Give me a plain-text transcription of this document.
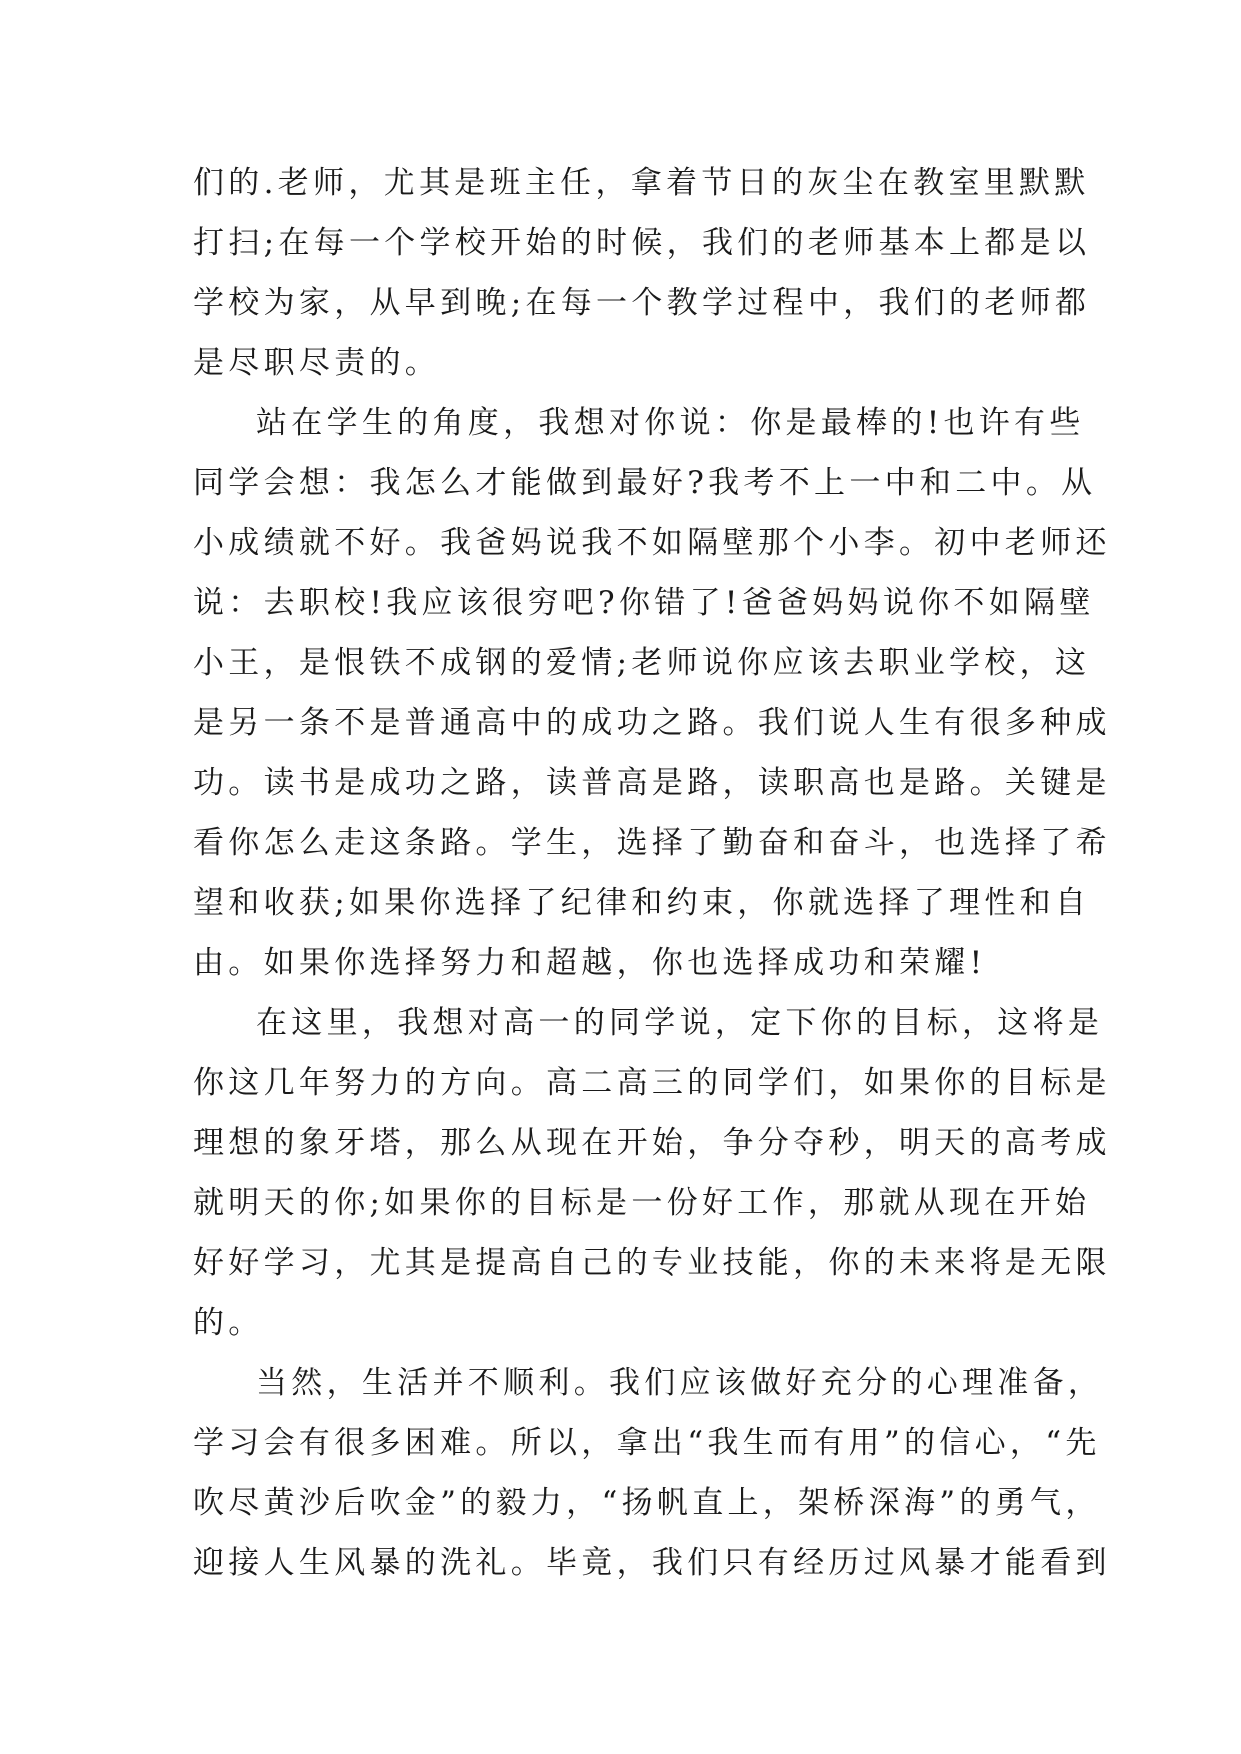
们的.老师，尤其是班主任，拿着节日的灰尘在教室里默默
打扫;在每一个学校开始的时候，我们的老师基本上都是以
学校为家，从早到晚;在每一个教学过程中，我们的老师都
是尽职尽责的。
站在学生的角度，我想对你说：你是最棒的!也许有些
同学会想：我怎么才能做到最好?我考不上一中和二中。从
小成绩就不好。我爸妈说我不如隔壁那个小李。初中老师还
说：去职校!我应该很穷吧?你错了!爸爸妈妈说你不如隔壁
小王，是恨铁不成钢的爱情;老师说你应该去职业学校，这
是另一条不是普通高中的成功之路。我们说人生有很多种成
功。读书是成功之路，读普高是路，读职高也是路。关键是
看你怎么走这条路。学生，选择了勤奋和奋斗，也选择了希
望和收获;如果你选择了纪律和约束，你就选择了理性和自
由。如果你选择努力和超越，你也选择成功和荣耀!
在这里，我想对高一的同学说，定下你的目标，这将是
你这几年努力的方向。高二高三的同学们，如果你的目标是
理想的象牙塔，那么从现在开始，争分夺秒，明天的高考成
就明天的你;如果你的目标是一份好工作，那就从现在开始
好好学习，尤其是提高自己的专业技能，你的未来将是无限
的。
当然，生活并不顺利。我们应该做好充分的心理准备，
学习会有很多困难。所以，拿出“我生而有用”的信心，“先
吹尽黄沙后吹金”的毅力，“扬帆直上，架桥深海”的勇气，
迎接人生风暴的洗礼。毕竟，我们只有经历过风暴才能看到
